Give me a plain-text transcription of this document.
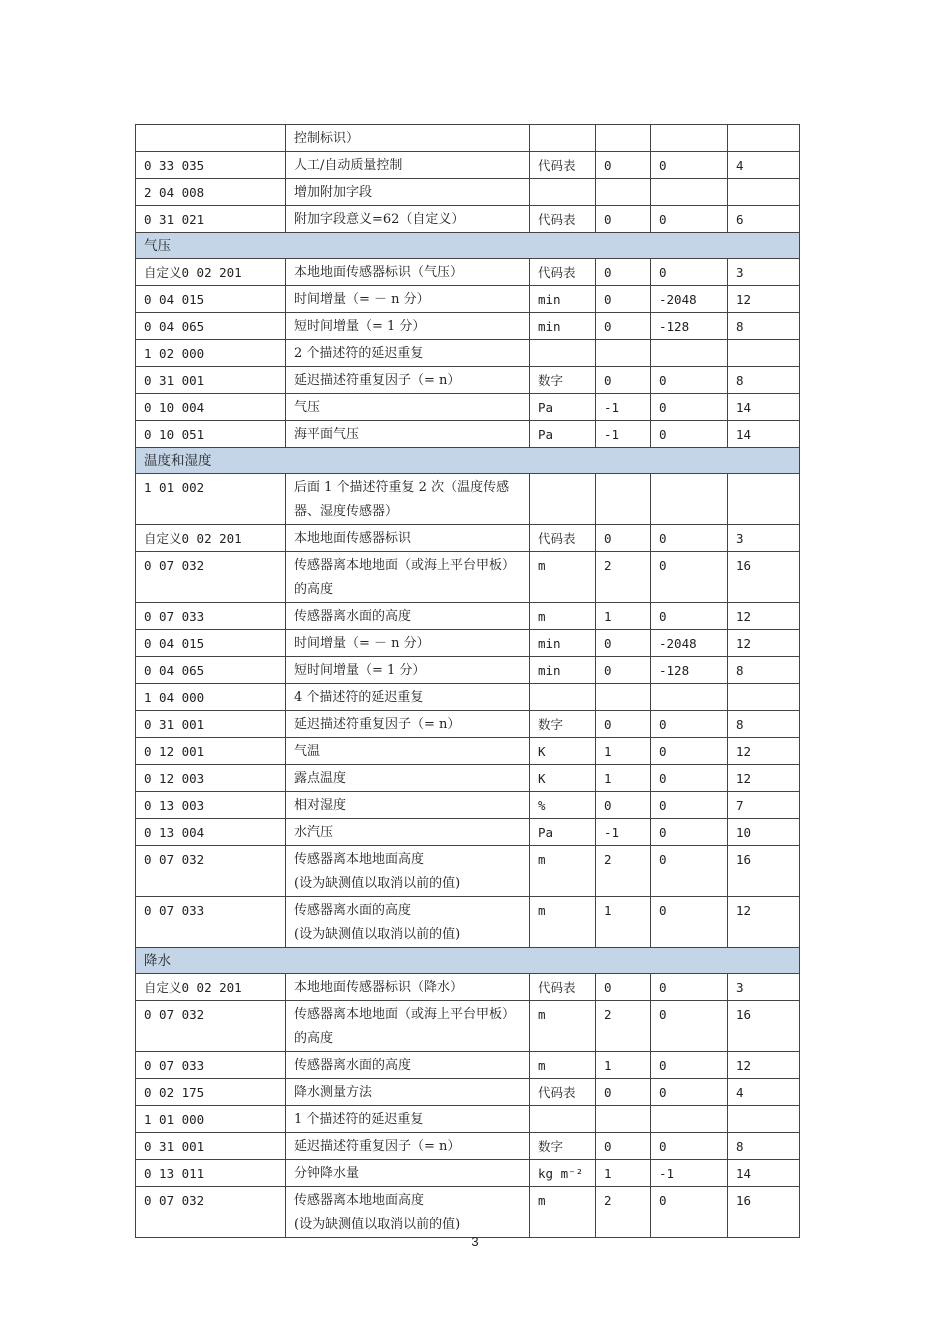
	控制标识）				
0 33 035	人工/自动质量控制	代码表	0	0	4
2 04 008	增加附加字段				
0 31 021	附加字段意义=62（自定义）	代码表	0	0	6
气压					
自定义0 02 201	本地地面传感器标识（气压）	代码表	0	0	3
0 04 015	时间增量（= － n 分）	min	0	-2048	12
0 04 065	短时间增量（= 1 分）	min	0	-128	8
1 02 000	2 个描述符的延迟重复				
0 31 001	延迟描述符重复因子（= n）	数字	0	0	8
0 10 004	气压	Pa	-1	0	14
0 10 051	海平面气压	Pa	-1	0	14
温度和湿度					
1 01 002	后面 1 个描述符重复 2 次（温度传感器、湿度传感器）				
自定义0 02 201	本地地面传感器标识	代码表	0	0	3
0 07 032	传感器离本地地面（或海上平台甲板）的高度	m	2	0	16
0 07 033	传感器离水面的高度	m	1	0	12
0 04 015	时间增量（= － n 分）	min	0	-2048	12
0 04 065	短时间增量（= 1 分）	min	0	-128	8
1 04 000	4 个描述符的延迟重复				
0 31 001	延迟描述符重复因子（= n）	数字	0	0	8
0 12 001	气温	K	1	0	12
0 12 003	露点温度	K	1	0	12
0 13 003	相对湿度	%	0	0	7
0 13 004	水汽压	Pa	-1	0	10
0 07 032	传感器离本地地面高度
(设为缺测值以取消以前的值)	m	2	0	16
0 07 033	传感器离水面的高度
(设为缺测值以取消以前的值)	m	1	0	12
降水					
自定义0 02 201	本地地面传感器标识（降水）	代码表	0	0	3
0 07 032	传感器离本地地面（或海上平台甲板）的高度	m	2	0	16
0 07 033	传感器离水面的高度	m	1	0	12
0 02 175	降水测量方法	代码表	0	0	4
1 01 000	1 个描述符的延迟重复				
0 31 001	延迟描述符重复因子（= n）	数字	0	0	8
0 13 011	分钟降水量	kg m⁻²	1	-1	14
0 07 032	传感器离本地地面高度
(设为缺测值以取消以前的值)	m	2	0	16
3
